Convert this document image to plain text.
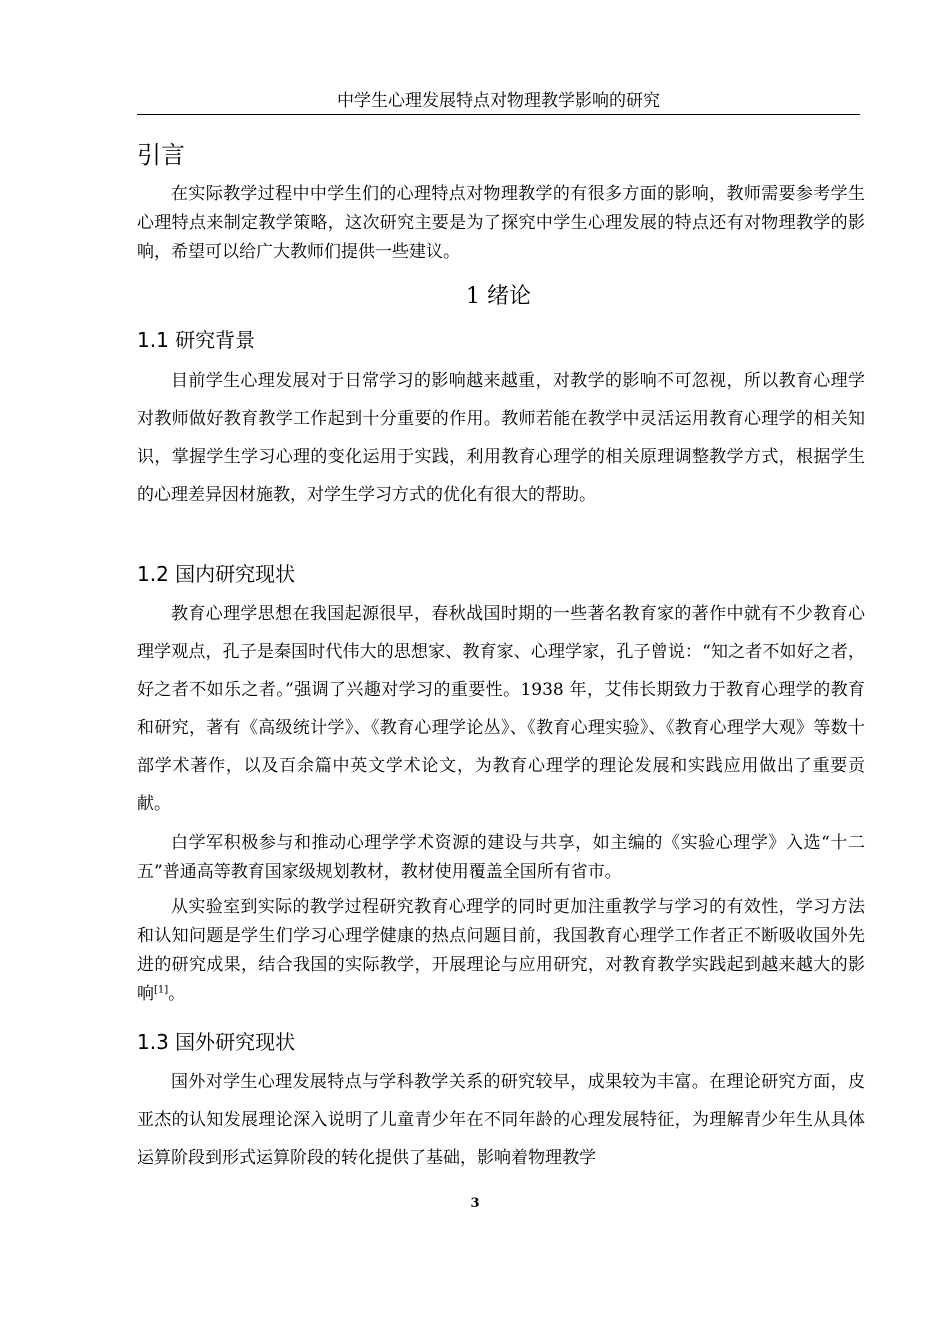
中学生心理发展特点对物理教学影响的研究
引言

在实际教学过程中中学生们的心理特点对物理教学的有很多方面的影响，教师需要参考学生心理特点来制定教学策略，这次研究主要是为了探究中学生心理发展的特点还有对物理教学的影响，希望可以给广大教师们提供一些建议。

1 绪论
1.1 研究背景

目前学生心理发展对于日常学习的影响越来越重，对教学的影响不可忽视，所以教育心理学对教师做好教育教学工作起到十分重要的作用。教师若能在教学中灵活运用教育心理学的相关知识，掌握学生学习心理的变化运用于实践，利用教育心理学的相关原理调整教学方式，根据学生的心理差异因材施教，对学生学习方式的优化有很大的帮助。

1.2 国内研究现状

教育心理学思想在我国起源很早，春秋战国时期的一些著名教育家的著作中就有不少教育心理学观点，孔子是秦国时代伟大的思想家、教育家、心理学家，孔子曾说：“知之者不如好之者，好之者不如乐之者。”强调了兴趣对学习的重要性。1938 年，艾伟长期致力于教育心理学的教育和研究，著有《高级统计学》、《教育心理学论丛》、《教育心理实验》、《教育心理学大观》等数十部学术著作，以及百余篇中英文学术论文，为教育心理学的理论发展和实践应用做出了重要贡献。

白学军积极参与和推动心理学学术资源的建设与共享，如主编的《实验心理学》入选“十二五”普通高等教育国家级规划教材，教材使用覆盖全国所有省市。

从实验室到实际的教学过程研究教育心理学的同时更加注重教学与学习的有效性，学习方法和认知问题是学生们学习心理学健康的热点问题目前，我国教育心理学工作者正不断吸收国外先进的研究成果，结合我国的实际教学，开展理论与应用研究，对教育教学实践起到越来越大的影响[1]。

1.3 国外研究现状

国外对学生心理发展特点与学科教学关系的研究较早，成果较为丰富。在理论研究方面，皮亚杰的认知发展理论深入说明了儿童青少年在不同年龄的心理发展特征，为理解青少年生从具体运算阶段到形式运算阶段的转化提供了基础，影响着物理教学

3
